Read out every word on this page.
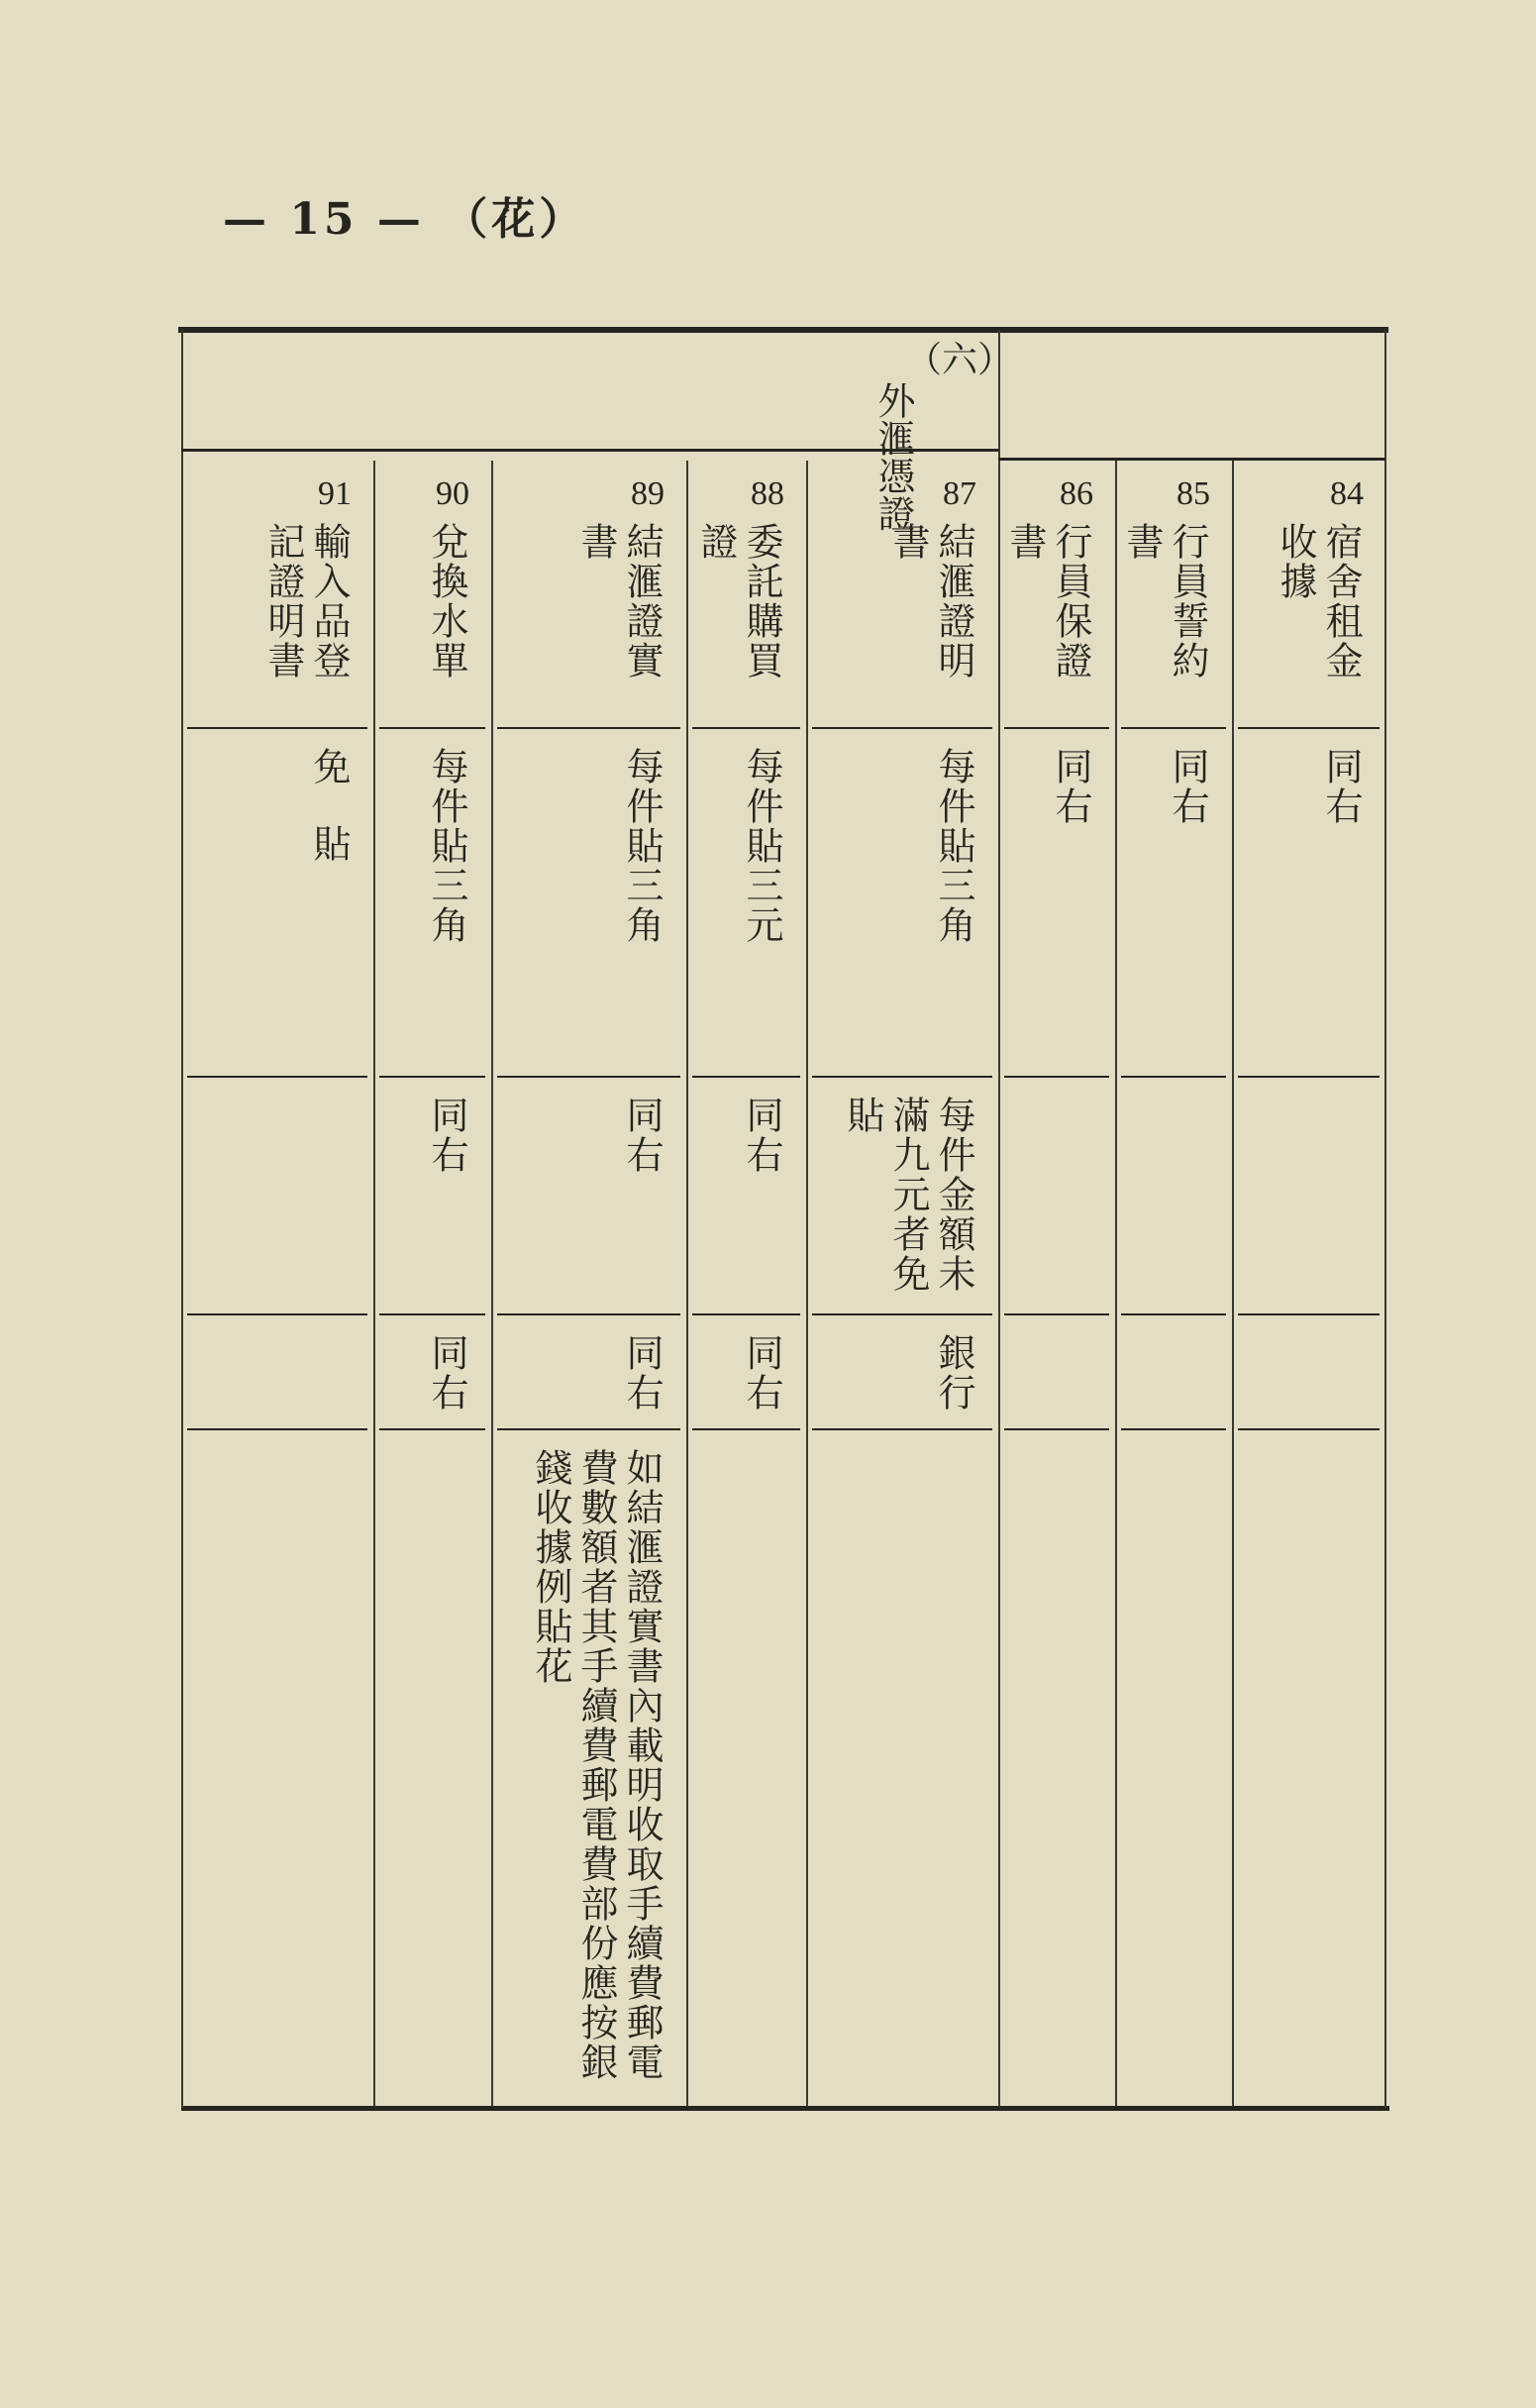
— 15 — （花）
（六）
外滙憑證	84
宿舍租金收據
同右
85
行員誓約書
同右
86
行員保證書
同右
87
結滙證明書
每件貼三角
每件金額未滿九元者免貼
銀行
88
委託購買證
每件貼三元
同右
同右
89
結滙證實書
每件貼三角
同右
同右
如結滙證實書內載明收取手續費郵電費數額者其手續費郵電費部份應按銀錢收據例貼花
90
兌換水單
每件貼三角
同右
同右
91
輸入品登記證明書
免貼
